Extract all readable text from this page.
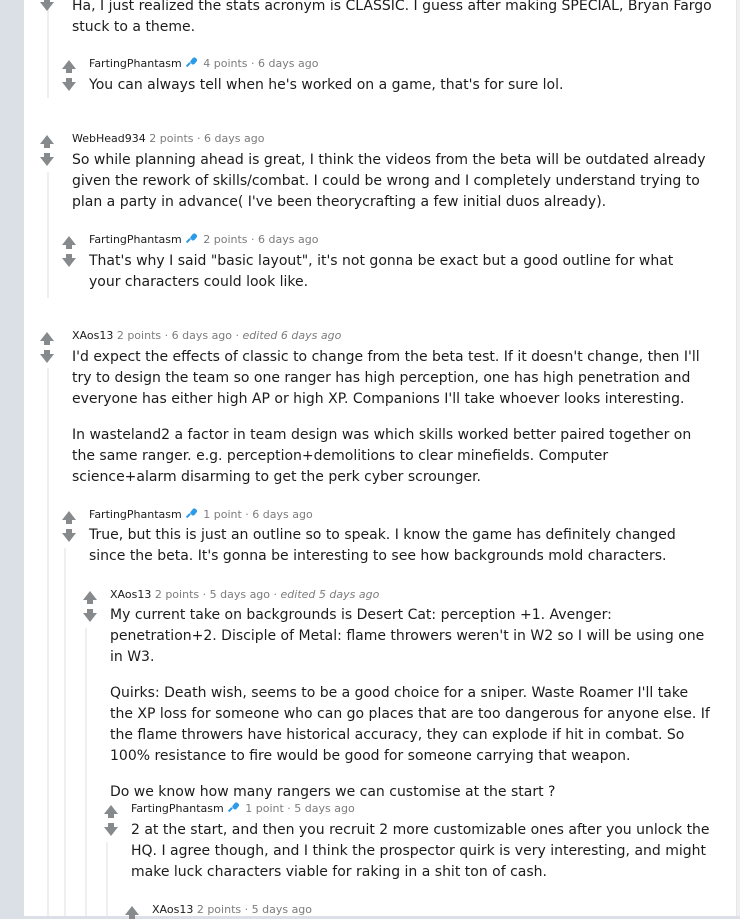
Ha, I just realized the stats acronym is CLASSIC. I guess after making SPECIAL, Bryan Fargo stuck to a theme.

FartingPhantasm 4 points · 6 days ago

You can always tell when he's worked on a game, that's for sure lol.

WebHead934 2 points · 6 days ago

So while planning ahead is great, I think the videos from the beta will be outdated already given the rework of skills/combat. I could be wrong and I completely understand trying to plan a party in advance( I've been theorycrafting a few initial duos already).

FartingPhantasm 2 points · 6 days ago

That's why I said "basic layout", it's not gonna be exact but a good outline for what your characters could look like.

XAos13 2 points · 6 days ago · edited 6 days ago

I'd expect the effects of classic to change from the beta test. If it doesn't change, then I'll try to design the team so one ranger has high perception, one has high penetration and everyone has either high AP or high XP. Companions I'll take whoever looks interesting.

In wasteland2 a factor in team design was which skills worked better paired together on the same ranger. e.g. perception+demolitions to clear minefields. Computer science+alarm disarming to get the perk cyber scrounger.

FartingPhantasm 1 point · 6 days ago

True, but this is just an outline so to speak. I know the game has definitely changed since the beta. It's gonna be interesting to see how backgrounds mold characters.

XAos13 2 points · 5 days ago · edited 5 days ago

My current take on backgrounds is Desert Cat: perception +1. Avenger: penetration+2. Disciple of Metal: flame throwers weren't in W2 so I will be using one in W3.

Quirks: Death wish, seems to be a good choice for a sniper. Waste Roamer I'll take the XP loss for someone who can go places that are too dangerous for anyone else. If the flame throwers have historical accuracy, they can explode if hit in combat. So 100% resistance to fire would be good for someone carrying that weapon.

Do we know how many rangers we can customise at the start ?

FartingPhantasm 1 point · 5 days ago

2 at the start, and then you recruit 2 more customizable ones after you unlock the HQ. I agree though, and I think the prospector quirk is very interesting, and might make luck characters viable for raking in a shit ton of cash.

XAos13 2 points · 5 days ago
